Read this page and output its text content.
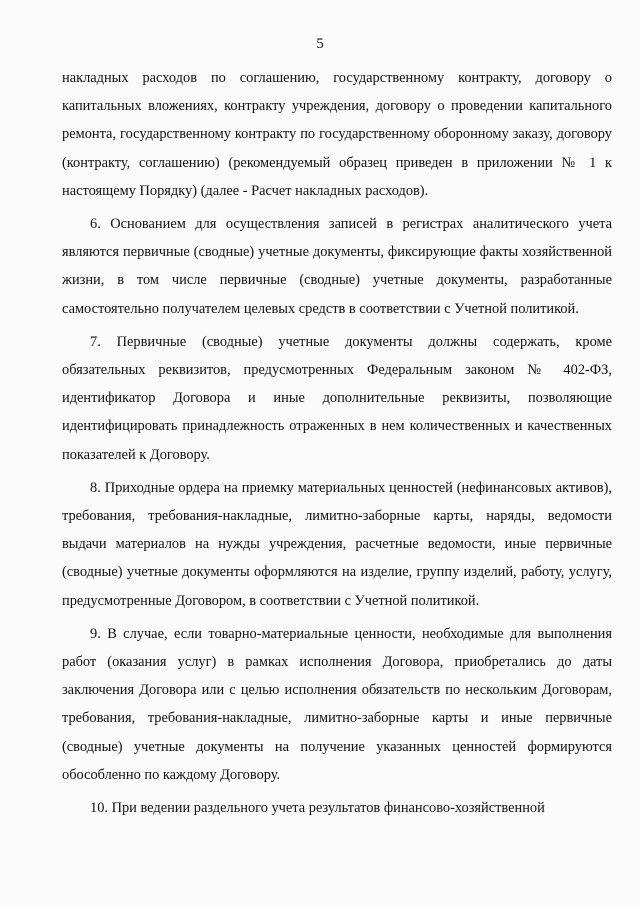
5

накладных расходов по соглашению, государственному контракту, договору о капитальных вложениях, контракту учреждения, договору о проведении капитального ремонта, государственному контракту по государственному оборонному заказу, договору (контракту, соглашению) (рекомендуемый образец приведен в приложении № 1 к настоящему Порядку) (далее - Расчет накладных расходов).

6. Основанием для осуществления записей в регистрах аналитического учета являются первичные (сводные) учетные документы, фиксирующие факты хозяйственной жизни, в том числе первичные (сводные) учетные документы, разработанные самостоятельно получателем целевых средств в соответствии с Учетной политикой.

7. Первичные (сводные) учетные документы должны содержать, кроме обязательных реквизитов, предусмотренных Федеральным законом № 402-ФЗ, идентификатор Договора и иные дополнительные реквизиты, позволяющие идентифицировать принадлежность отраженных в нем количественных и качественных показателей к Договору.

8. Приходные ордера на приемку материальных ценностей (нефинансовых активов), требования, требования-накладные, лимитно-заборные карты, наряды, ведомости выдачи материалов на нужды учреждения, расчетные ведомости, иные первичные (сводные) учетные документы оформляются на изделие, группу изделий, работу, услугу, предусмотренные Договором, в соответствии с Учетной политикой.

9. В случае, если товарно-материальные ценности, необходимые для выполнения работ (оказания услуг) в рамках исполнения Договора, приобретались до даты заключения Договора или с целью исполнения обязательств по нескольким Договорам, требования, требования-накладные, лимитно-заборные карты и иные первичные (сводные) учетные документы на получение указанных ценностей формируются обособленно по каждому Договору.

10. При ведении раздельного учета результатов финансово-хозяйственной
